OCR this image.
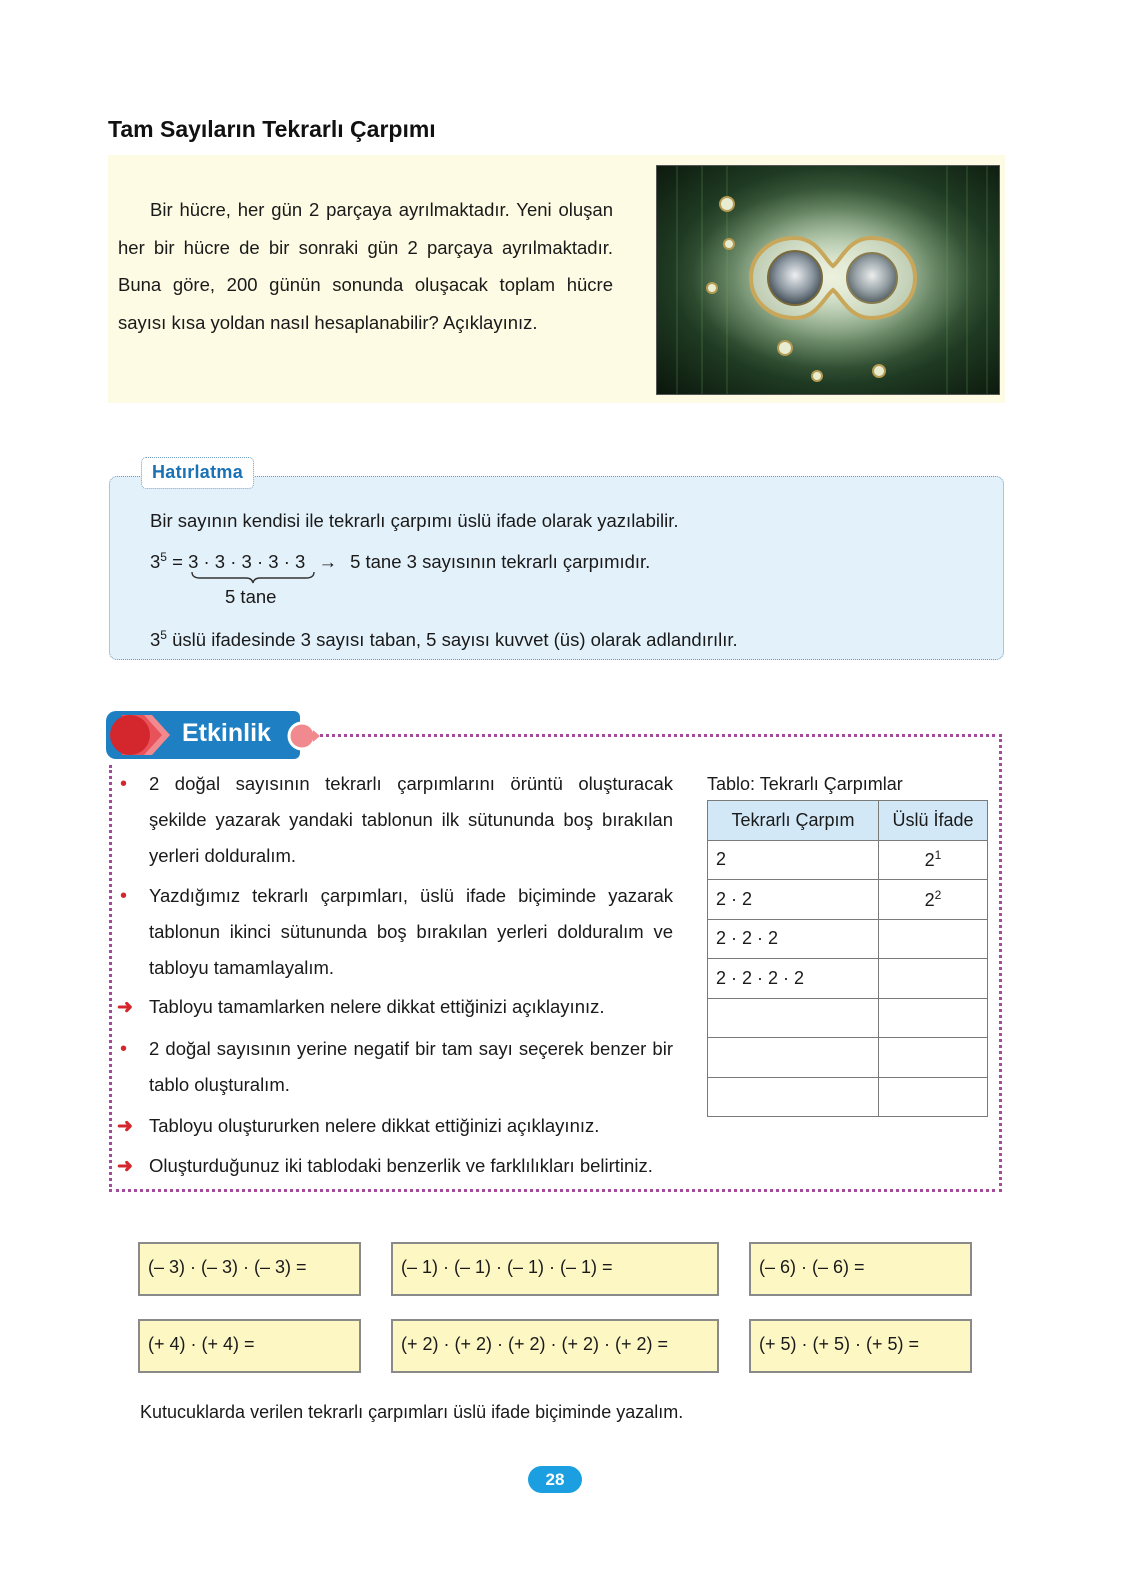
Tam Sayıların Tekrarlı Çarpımı
Bir hücre, her gün 2 parçaya ayrılmaktadır. Yeni oluşan her bir hücre de bir sonraki gün 2 parçaya ayrılmaktadır. Buna göre, 200 günün sonunda oluşacak toplam hücre sayısı kısa yoldan nasıl hesaplanabilir? Açıklayınız.
Hatırlatma
Bir sayının kendisi ile tekrarlı çarpımı üslü ifade olarak yazılabilir.
$3^5 = 3 \cdot 3 \cdot 3 \cdot 3 \cdot 3 \to 5$ tane 3 sayısının tekrarlı çarpımıdır.
5 tane
$3^5$ üslü ifadesinde 3 sayısı taban, 5 sayısı kuvvet (üs) olarak adlandırılır.
Etkinlik
• 2 doğal sayısının tekrarlı çarpımlarını örüntü oluşturacak şekilde yazarak yandaki tablonun ilk sütununda boş bırakılan yerleri dolduralım.
• Yazdığımız tekrarlı çarpımları, üslü ifade biçiminde yazarak tablonun ikinci sütununda boş bırakılan yerleri dolduralım ve tabloyu tamamlayalım.
➜ Tabloyu tamamlarken nelere dikkat ettiğinizi açıklayınız.
• 2 doğal sayısının yerine negatif bir tam sayı seçerek benzer bir tablo oluşturalım.
➜ Tabloyu oluştururken nelere dikkat ettiğinizi açıklayınız.
➜ Oluşturduğunuz iki tablodaki benzerlik ve farklılıkları belirtiniz.
Tablo: Tekrarlı Çarpımlar
Tekrarlı Çarpım	Üslü İfade
2	$2^1$
2 · 2	$2^2$
2 · 2 · 2	
2 · 2 · 2 · 2	

(– 3) · (– 3) · (– 3) =	(– 1) · (– 1) · (– 1) · (– 1) =	(– 6) · (– 6) =
(+ 4) · (+ 4) =	(+ 2) · (+ 2) · (+ 2) · (+ 2) · (+ 2) =	(+ 5) · (+ 5) · (+ 5) =
Kutucuklarda verilen tekrarlı çarpımları üslü ifade biçiminde yazalım.
28
